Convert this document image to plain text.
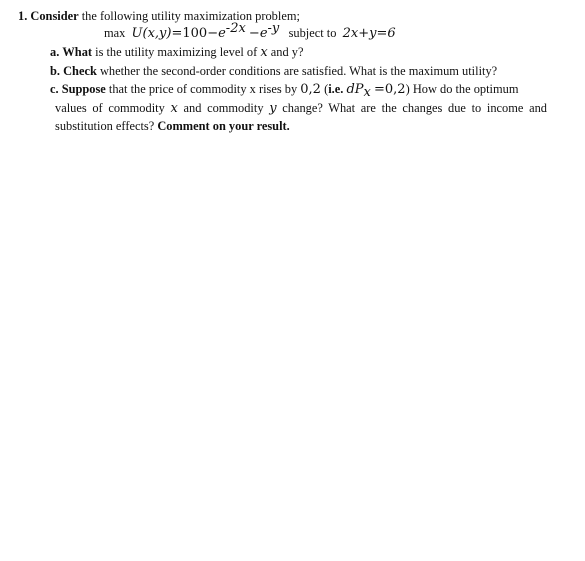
1. Consider the following utility maximization problem;
$\max U(x,y)=100-e^{-2x} -e^{-y}$ subject to 2x+y=6
a. What is the utility maximizing level of x and y?
b. Check whether the second-order conditions are satisfied. What is the maximum utility?
c. Suppose that the price of commodity x rises by 0,2 (i.e. $dP_x =0,2$) How do the optimum
values of commodity x and commodity y change? What are the changes due to income and
substitution effects? Comment on your result.
